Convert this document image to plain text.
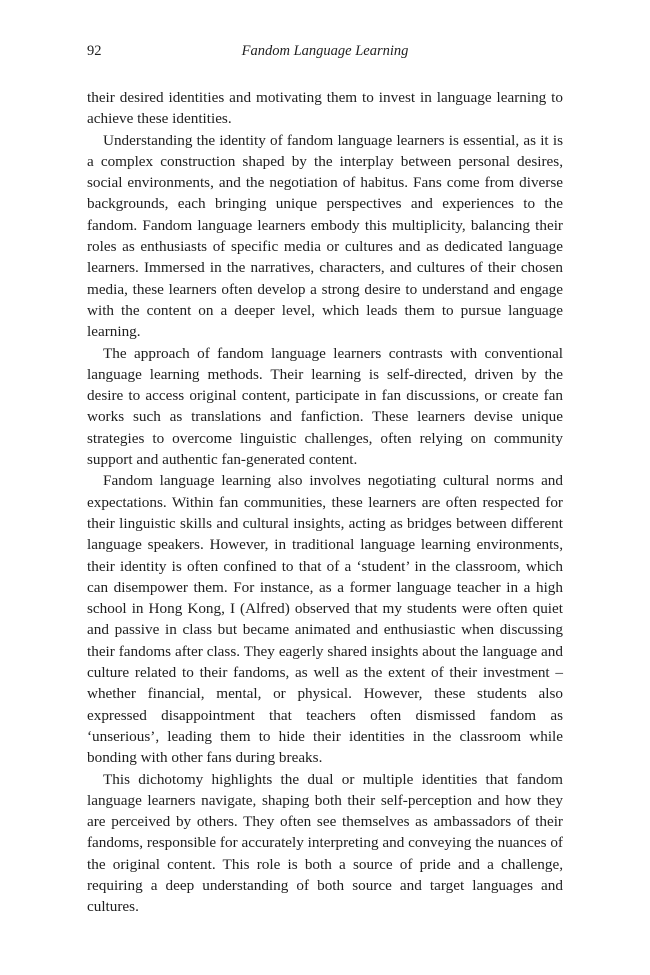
92	Fandom Language Learning

their desired identities and motivating them to invest in language learning to achieve these identities.

Understanding the identity of fandom language learners is essential, as it is a complex construction shaped by the interplay between personal desires, social environments, and the negotiation of habitus. Fans come from diverse backgrounds, each bringing unique perspectives and experiences to the fandom. Fandom language learners embody this multiplicity, balancing their roles as enthusiasts of specific media or cultures and as dedicated language learners. Immersed in the narratives, characters, and cultures of their chosen media, these learners often develop a strong desire to understand and engage with the content on a deeper level, which leads them to pursue language learning.

The approach of fandom language learners contrasts with conventional language learning methods. Their learning is self-directed, driven by the desire to access original content, participate in fan discussions, or create fan works such as translations and fanfiction. These learners devise unique strategies to overcome linguistic challenges, often relying on community support and authentic fan-generated content.

Fandom language learning also involves negotiating cultural norms and expectations. Within fan communities, these learners are often respected for their linguistic skills and cultural insights, acting as bridges between different language speakers. However, in traditional language learning environments, their identity is often confined to that of a ‘student’ in the classroom, which can disempower them. For instance, as a former language teacher in a high school in Hong Kong, I (Alfred) observed that my students were often quiet and passive in class but became animated and enthusiastic when discussing their fandoms after class. They eagerly shared insights about the language and culture related to their fandoms, as well as the extent of their investment – whether financial, mental, or physical. However, these students also expressed disappointment that teachers often dismissed fandom as ‘unserious’, leading them to hide their identities in the classroom while bonding with other fans during breaks.

This dichotomy highlights the dual or multiple identities that fandom language learners navigate, shaping both their self-perception and how they are perceived by others. They often see themselves as ambassadors of their fandoms, responsible for accurately interpreting and conveying the nuances of the original content. This role is both a source of pride and a challenge, requiring a deep understanding of both source and target languages and cultures.
